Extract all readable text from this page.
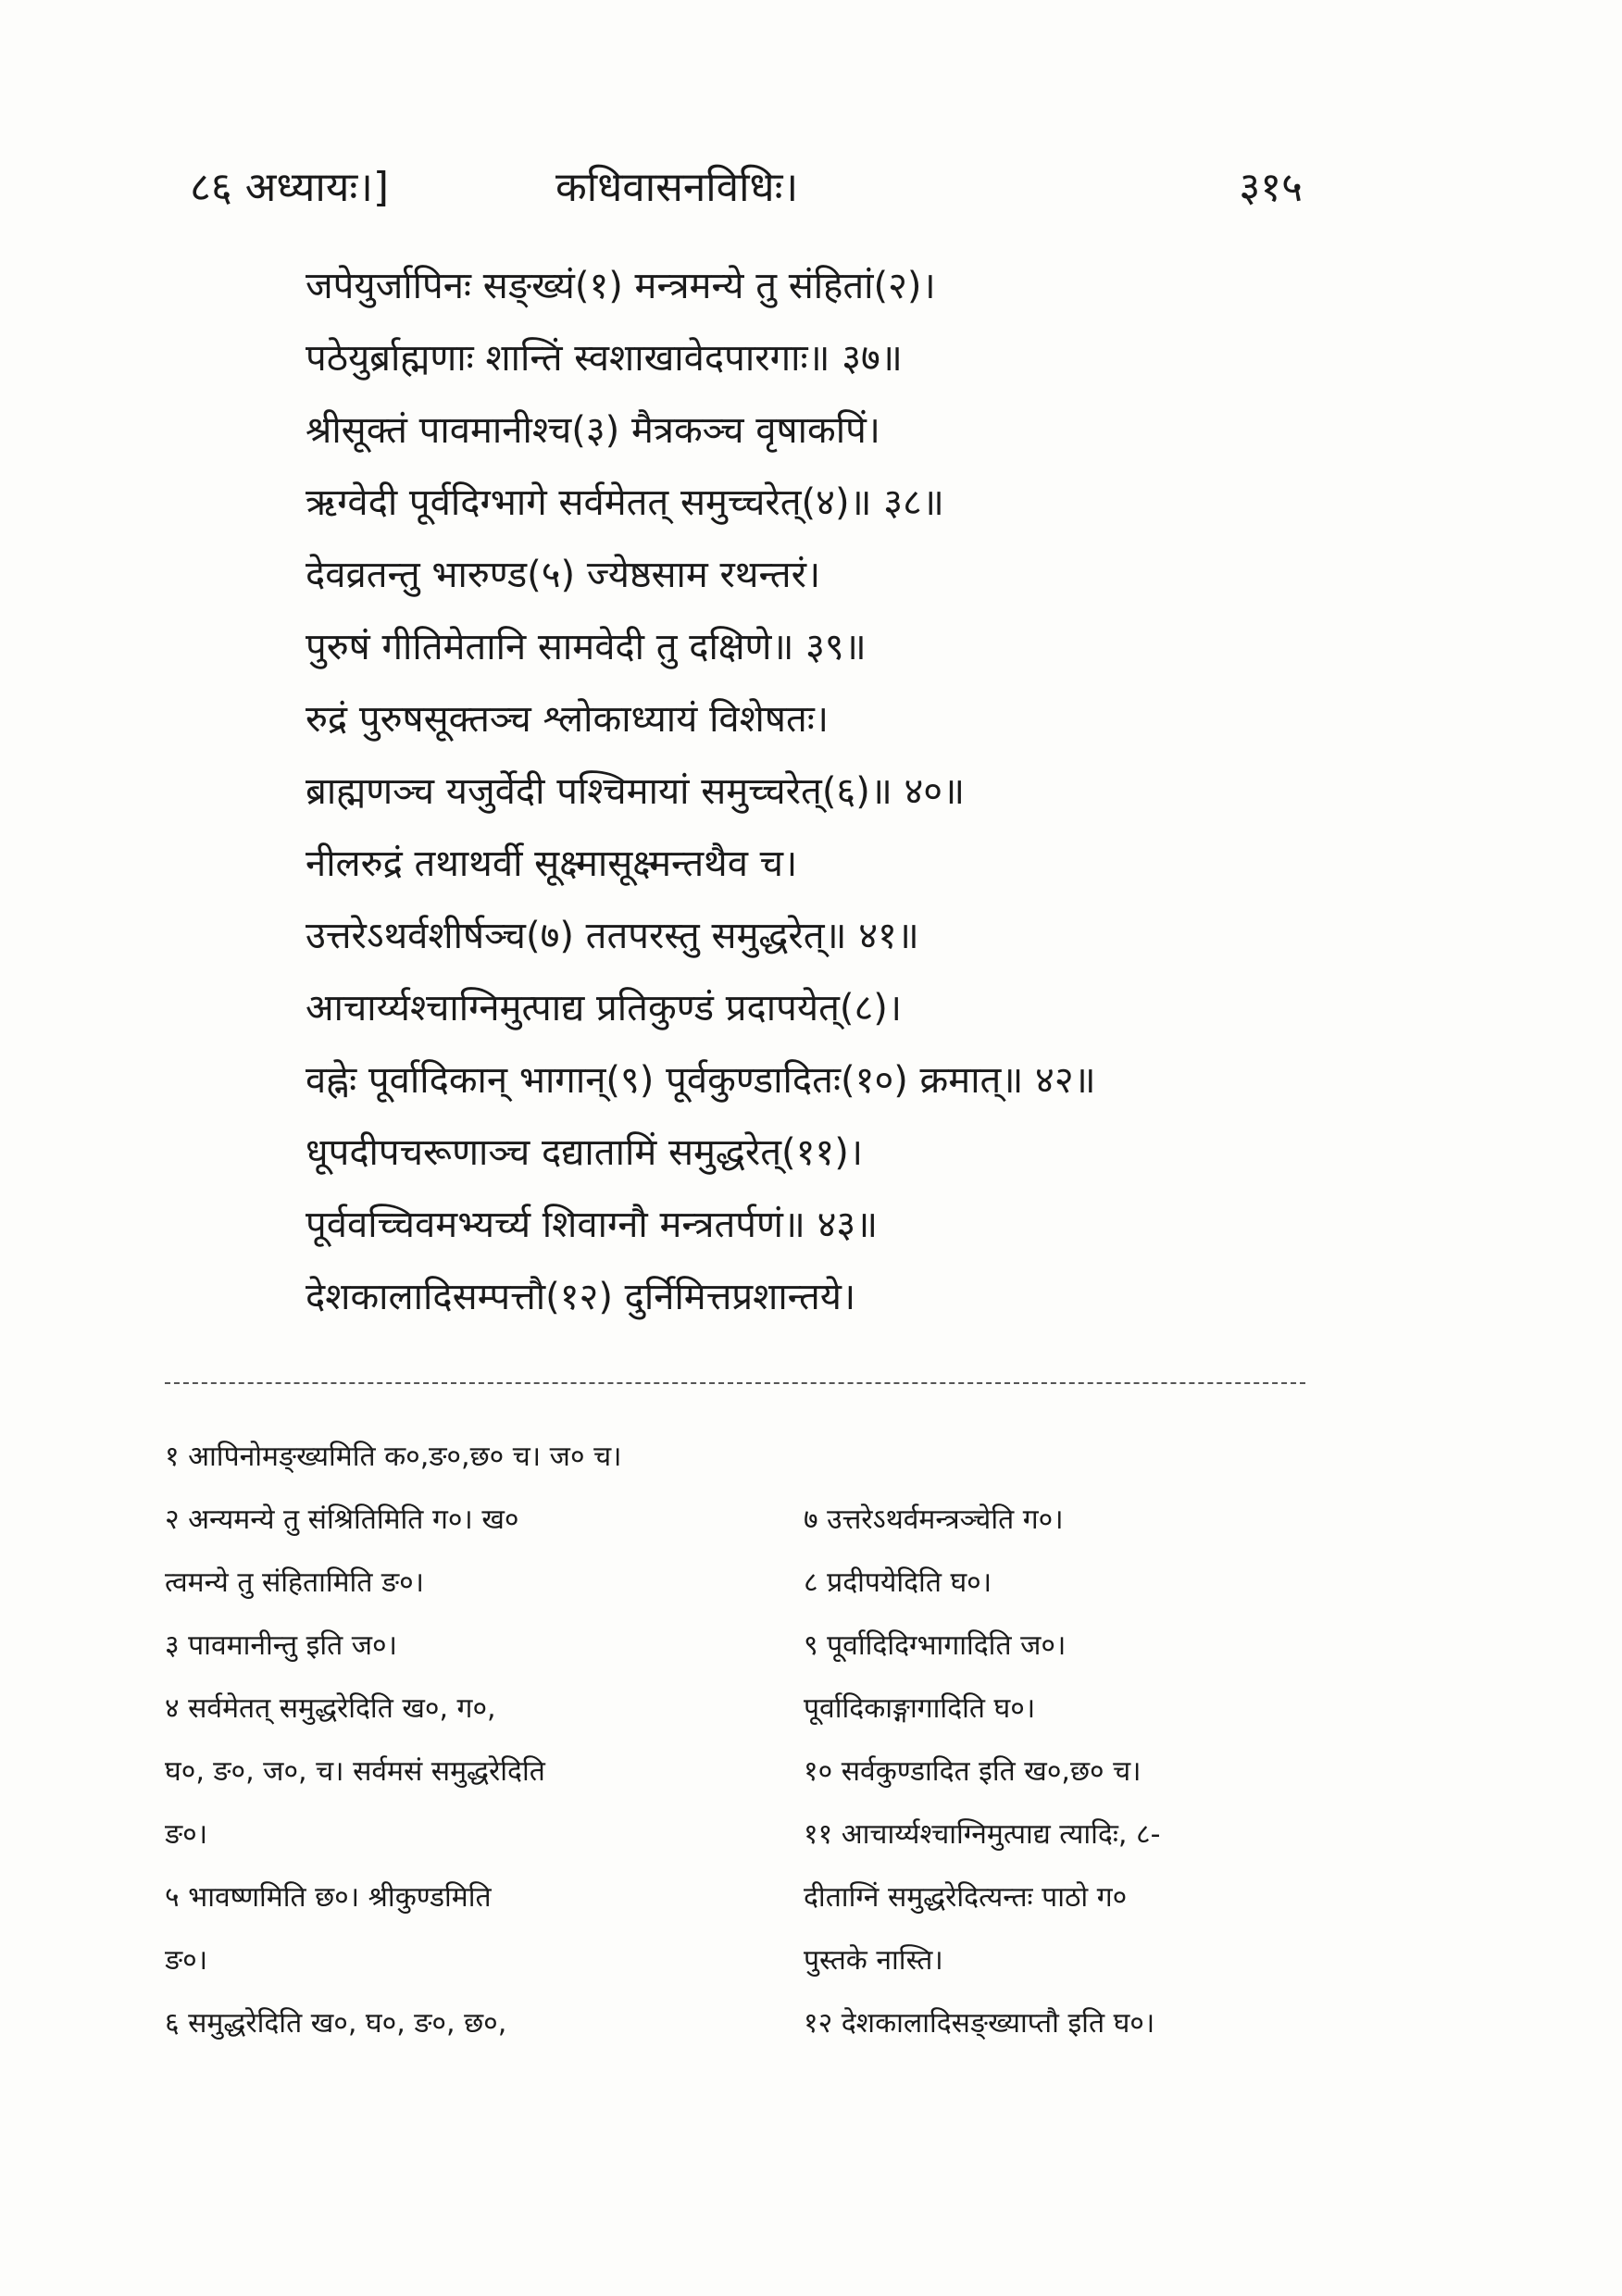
८६ अध्यायः।]	कधिवासनविधिः।	३१५
जपेयुर्जापिनः सङ्ख्यं(१) मन्त्रमन्ये तु संहितां(२)।
पठेयुर्ब्राह्मणाः शान्तिं स्वशाखावेदपारगाः॥ ३७॥
श्रीसूक्तं पावमानीश्च(३) मैत्रकञ्च वृषाकपिं।
ऋग्वेदी पूर्वदिग्भागे सर्वमेतत् समुच्चरेत्(४)॥ ३८॥
देवव्रतन्तु भारुण्ड(५) ज्येष्ठसाम रथन्तरं।
पुरुषं गीतिमेतानि सामवेदी तु दक्षिणे॥ ३९॥
रुद्रं पुरुषसूक्तञ्च श्लोकाध्यायं विशेषतः।
ब्राह्मणञ्च यजुर्वेदी पश्चिमायां समुच्चरेत्(६)॥ ४०॥
नीलरुद्रं तथाथर्वी सूक्ष्मासूक्ष्मन्तथैव च।
उत्तरेऽथर्वशीर्षञ्च(७) ततपरस्तु समुद्धरेत्॥ ४१॥
आचार्य्यश्चाग्निमुत्पाद्य प्रतिकुण्डं प्रदापयेत्(८)।
वह्नेः पूर्वादिकान् भागान्(९) पूर्वकुण्डादितः(१०) क्रमात्॥ ४२॥
धूपदीपचरूणाञ्च दद्यातामिं समुद्धरेत्(११)।
पूर्ववच्चिवमभ्यर्च्य शिवाग्नौ मन्त्रतर्पणं॥ ४३॥
देशकालादिसम्पत्तौ(१२) दुर्निमित्तप्रशान्तये।
१ आपिनोमङ्ख्यमिति क०,ङ०,छ० च। ज० च।
२ अन्यमन्ये तु संश्रितिमिति ग०। ख०	७ उत्तरेऽथर्वमन्त्रञ्चेति ग०।
त्वमन्ये तु संहितामिति ङ०।	८ प्रदीपयेदिति घ०।
३ पावमानीन्तु इति ज०।	९ पूर्वादिदिग्भागादिति ज०।
४ सर्वमेतत् समुद्धरेदिति ख०, ग०,	पूर्वादिकाङ्गागादिति घ०।
घ०, ङ०, ज०, च। सर्वमसं समुद्धरेदिति	१० सर्वकुण्डादित इति ख०,छ० च।
ङ०।	११ आचार्य्यश्चाग्निमुत्पाद्य त्यादिः, ८-
५ भावष्णमिति छ०। श्रीकुण्डमिति	दीताग्निं समुद्धरेदित्यन्तः पाठो ग०
ङ०।	पुस्तके नास्ति।
६ समुद्धरेदिति ख०, घ०, ङ०, छ०,	१२ देशकालादिसङ्ख्याप्तौ इति घ०।
